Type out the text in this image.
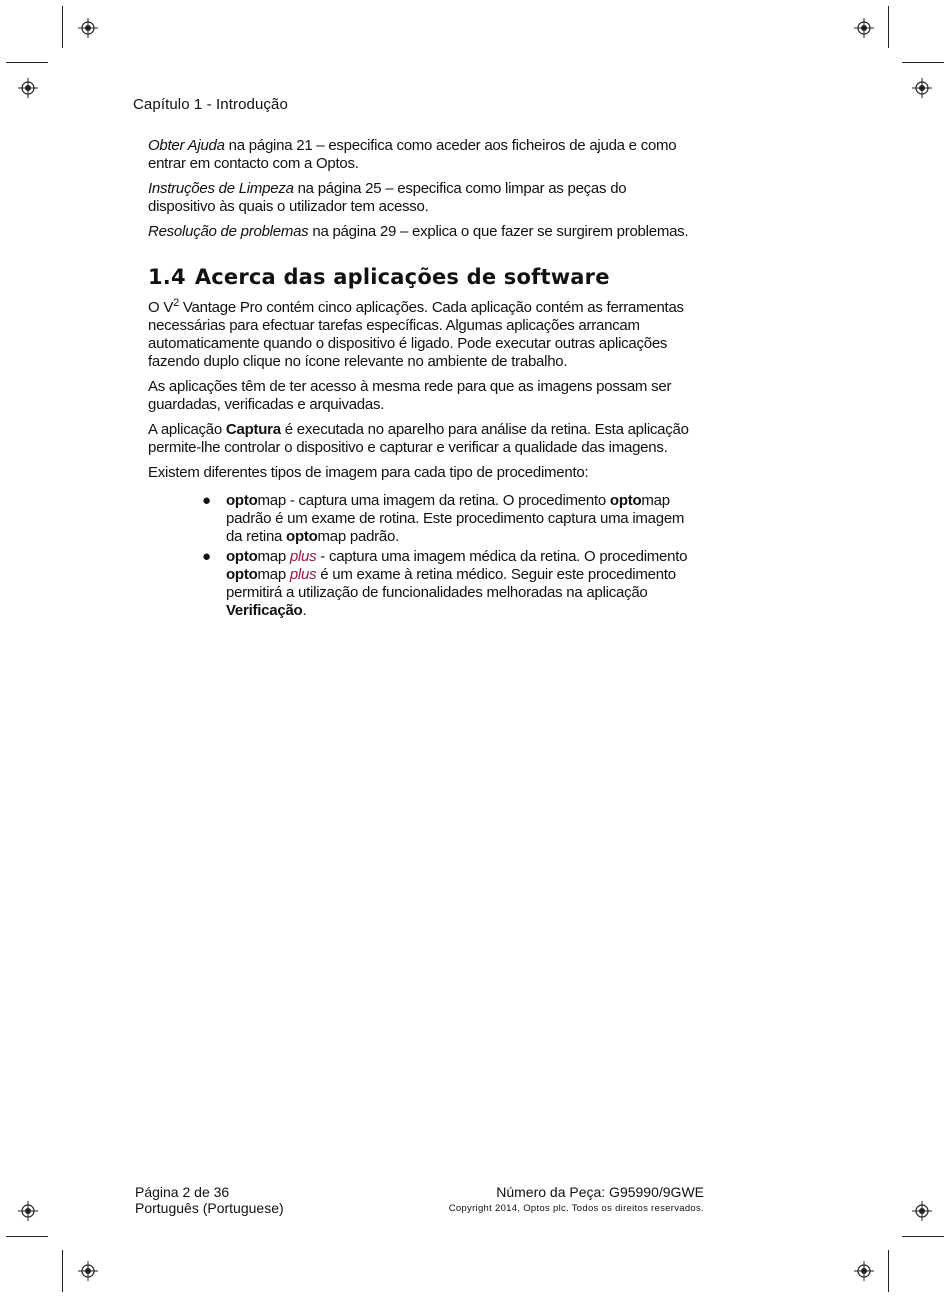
Capítulo 1 - Introdução

Obter Ajuda na página 21 – especifica como aceder aos ficheiros de ajuda e como entrar em contacto com a Optos.

Instruções de Limpeza na página 25 – especifica como limpar as peças do dispositivo às quais o utilizador tem acesso.

Resolução de problemas na página 29 – explica o que fazer se surgirem problemas.

1.4 Acerca das aplicações de software

O $V^2$ Vantage Pro contém cinco aplicações. Cada aplicação contém as ferramentas necessárias para efectuar tarefas específicas. Algumas aplicações arrancam automaticamente quando o dispositivo é ligado. Pode executar outras aplicações fazendo duplo clique no ícone relevante no ambiente de trabalho.

As aplicações têm de ter acesso à mesma rede para que as imagens possam ser guardadas, verificadas e arquivadas.

A aplicação Captura é executada no aparelho para análise da retina. Esta aplicação permite-lhe controlar o dispositivo e capturar e verificar a qualidade das imagens.

Existem diferentes tipos de imagem para cada tipo de procedimento:

● optomap - captura uma imagem da retina. O procedimento optomap padrão é um exame de rotina. Este procedimento captura uma imagem da retina optomap padrão.
● optomap plus - captura uma imagem médica da retina. O procedimento optomap plus é um exame à retina médico. Seguir este procedimento permitirá a utilização de funcionalidades melhoradas na aplicação Verificação.
Página 2 de 36
Português (Portuguese)
Número da Peça: G95990/9GWE
Copyright 2014, Optos plc. Todos os direitos reservados.
